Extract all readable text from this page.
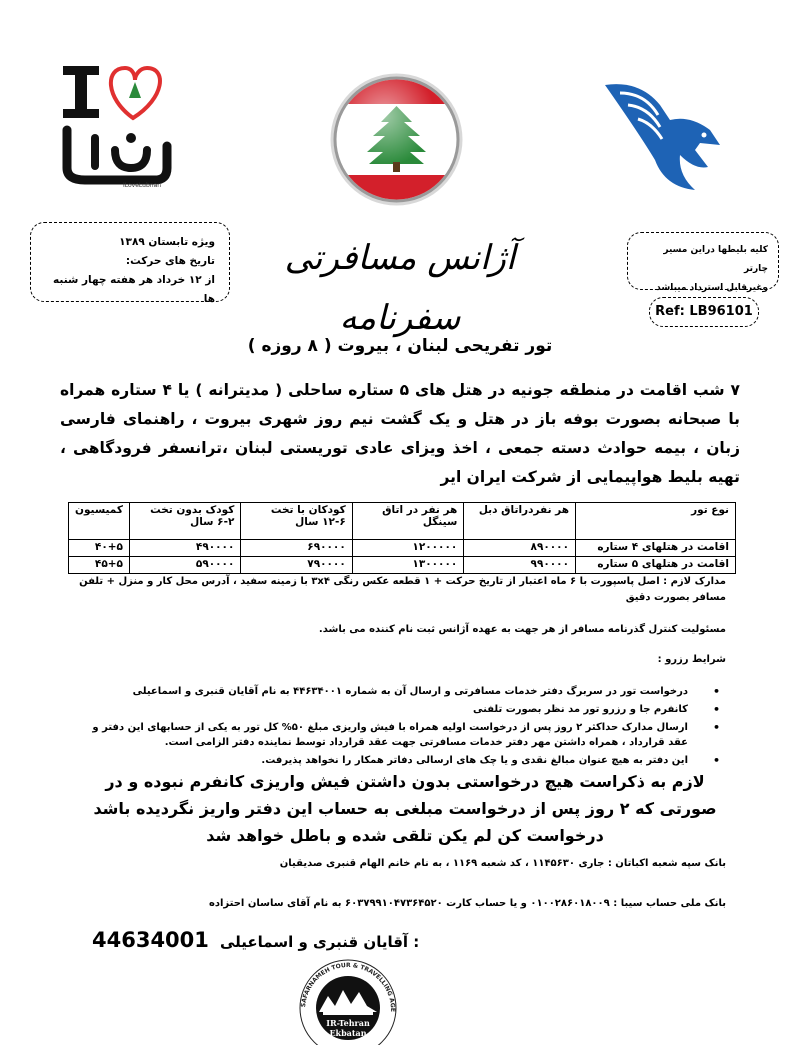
ILoveLubnan
ویژه تابستان ۱۳۸۹
تاریخ های حرکت:
از ۱۲ خرداد هر هفته چهار شنبه ها
آژانس مسافرتی سفرنامه
کلیه بلیطها دراین مسیر چارتر
وغیرقابل استرداد میباشد
Ref: LB96101
تور تفریحی لبنان ، بیروت ( ۸ روزه )
۷ شب اقامت در منطقه جونیه در هتل های ۵ ستاره ساحلی ( مدیترانه ) یا ۴ ستاره همراه با صبحانه بصورت بوفه باز در هتل و یک گشت نیم روز شهری بیروت ، راهنمای فارسی زبان ، بیمه حوادث دسته جمعی ، اخذ ویزای عادی توریستی لبنان ،ترانسفر فرودگاهی ، تهیه بلیط هواپیمایی از شرکت ایران ایر
نوع تور	هر نفردراتاق دبل	هر نفر در اتاق سینگل	کودکان با تخت ۶-۱۲ سال	کودک بدون تخت ۲-۶ سال	کمیسیون
اقامت در هتلهای ۴ ستاره	۸۹۰۰۰۰	۱۲۰۰۰۰۰	۶۹۰۰۰۰	۴۹۰۰۰۰	۴۰+۵
اقامت در هتلهای ۵ ستاره	۹۹۰۰۰۰	۱۳۰۰۰۰۰	۷۹۰۰۰۰	۵۹۰۰۰۰	۴۵+۵
مدارک لازم : اصل پاسپورت با ۶ ماه اعتبار از تاریخ حرکت + ۱ قطعه عکس رنگی ۳x۴ با زمینه سفید ، آدرس محل کار و منزل + تلفن مسافر بصورت دقیق
مسئولیت کنترل گذرنامه مسافر از هر جهت به عهده آژانس ثبت نام کننده می باشد.
شرایط رزرو :
• درخواست تور در سربرگ دفتر خدمات مسافرتی و ارسال آن به شماره ۴۴۶۳۴۰۰۱ به نام آقایان قنبری و اسماعیلی
• کانفرم جا و رزرو تور مد نظر بصورت تلفنی
• ارسال مدارک حداکثر ۲ روز پس از درخواست اولیه همراه با فیش واریزی مبلغ ۵۰% کل تور به یکی از حسابهای این دفتر و عقد قرارداد ، همراه داشتن مهر دفتر خدمات مسافرتی جهت عقد قرارداد توسط نماینده دفتر الزامی است.
• این دفتر به هیچ عنوان مبالغ نقدی و یا چک های ارسالی دفاتر همکار را نخواهد پذیرفت.
لازم به ذکراست هیچ درخواستی بدون داشتن فیش واریزی کانفرم نبوده و در صورتی که ۲ روز پس از درخواست مبلغی به حساب این دفتر واریز نگردیده باشد درخواست کن لم یکن تلقی شده و باطل خواهد شد
بانک سپه شعبه اکباتان : جاری ۱۱۴۵۶۳۰ ، کد شعبه ۱۱۶۹ ، به نام خانم الهام قنبری صدیقیان
بانک ملی حساب سیبا : ۰۱۰۰۲۸۶۰۱۸۰۰۹ و یا حساب کارت ۶۰۳۷۹۹۱۰۴۷۳۶۴۵۲۰ به نام آقای ساسان احتزاده
44634001 آقایان قنبری و اسماعیلی :
SAFARNAMEH TOUR & TRAVELLING AGE
IR-Tehran
Ekbatan
